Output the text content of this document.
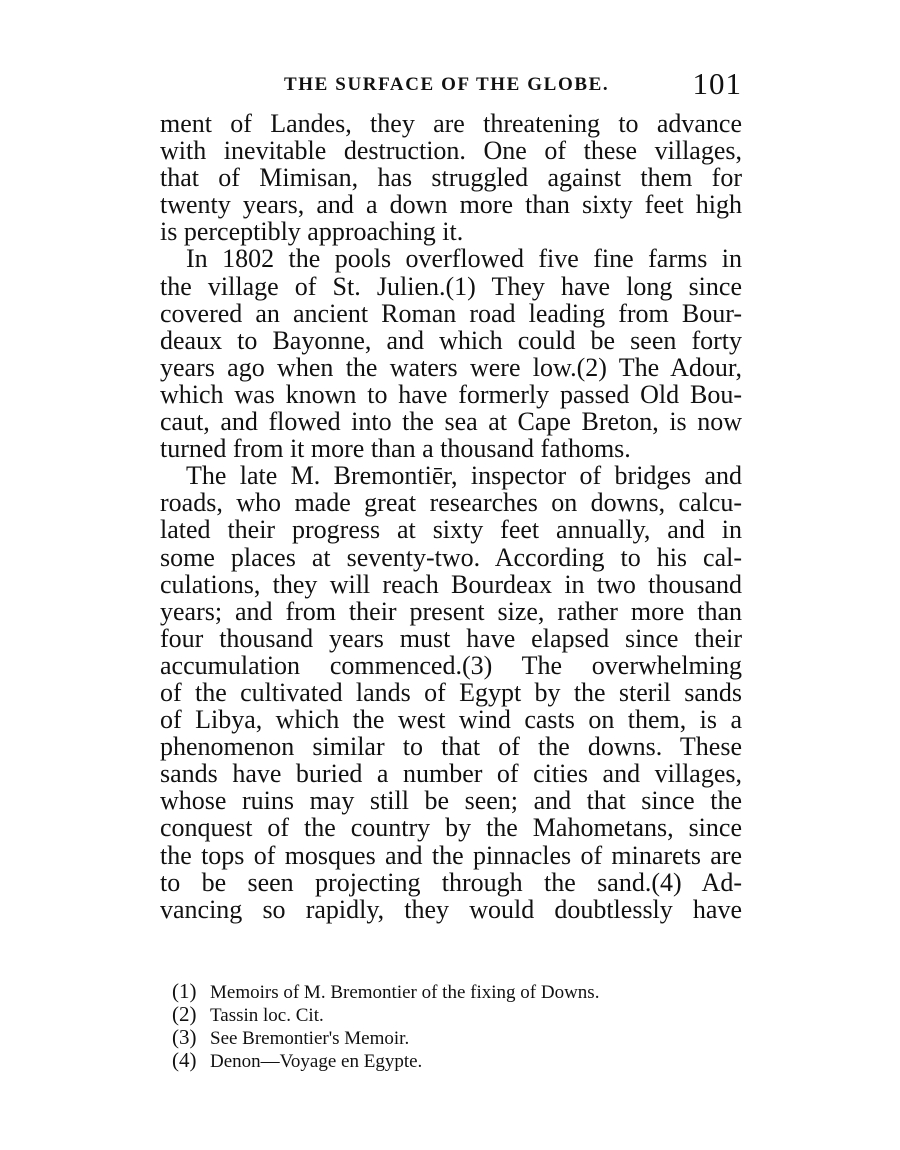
THE SURFACE OF THE GLOBE.	101
ment of Landes, they are threatening to advance
with inevitable destruction. One of these villages,
that of Mimisan, has struggled against them for
twenty years, and a down more than sixty feet high
is perceptibly approaching it.
In 1802 the pools overflowed five fine farms in
the village of St. Julien.(1) They have long since
covered an ancient Roman road leading from Bour-
deaux to Bayonne, and which could be seen forty
years ago when the waters were low.(2) The Adour,
which was known to have formerly passed Old Bou-
caut, and flowed into the sea at Cape Breton, is now
turned from it more than a thousand fathoms.
The late M. Bremontiēr, inspector of bridges and
roads, who made great researches on downs, calcu-
lated their progress at sixty feet annually, and in
some places at seventy-two. According to his cal-
culations, they will reach Bourdeax in two thousand
years; and from their present size, rather more than
four thousand years must have elapsed since their
accumulation commenced.(3) The overwhelming
of the cultivated lands of Egypt by the steril sands
of Libya, which the west wind casts on them, is a
phenomenon similar to that of the downs. These
sands have buried a number of cities and villages,
whose ruins may still be seen; and that since the
conquest of the country by the Mahometans, since
the tops of mosques and the pinnacles of minarets are
to be seen projecting through the sand.(4) Ad-
vancing so rapidly, they would doubtlessly have
(1) Memoirs of M. Bremontier of the fixing of Downs.
(2) Tassin loc. Cit.
(3) See Bremontier's Memoir.
(4) Denon—Voyage en Egypte.
